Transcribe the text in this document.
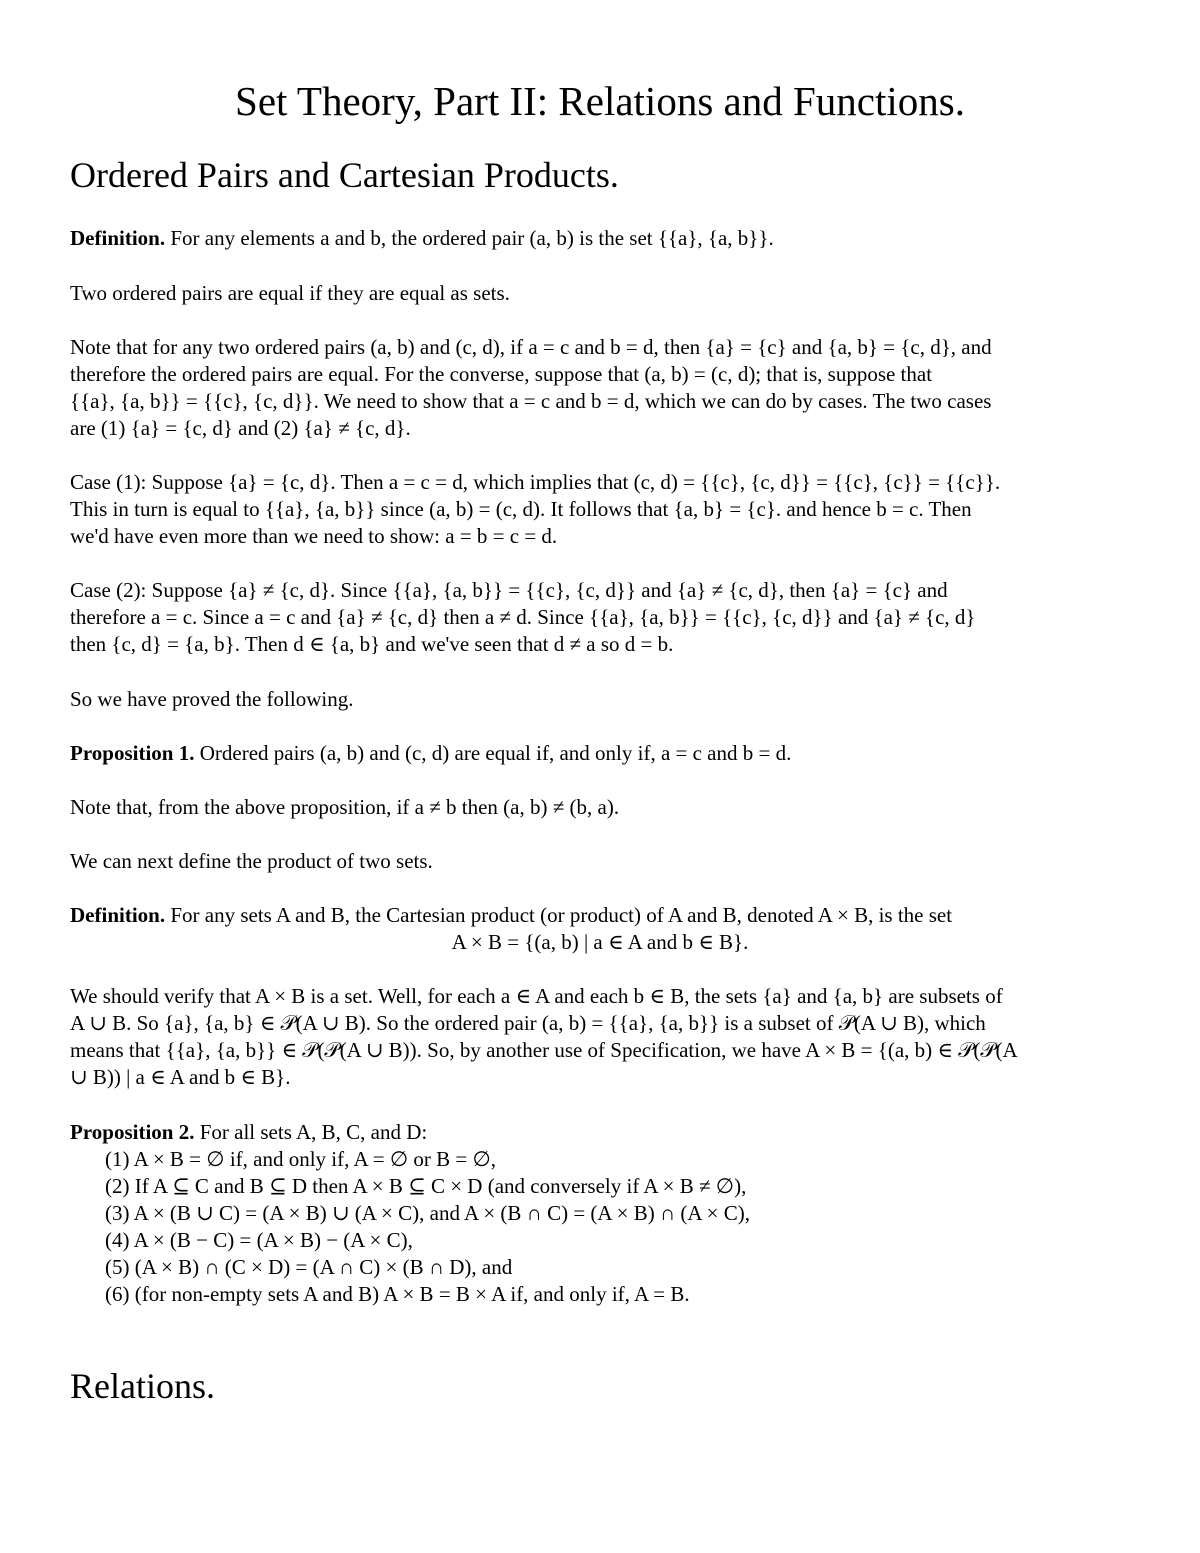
Set Theory, Part II: Relations and Functions.
Ordered Pairs and Cartesian Products.

Definition. For any elements a and b, the ordered pair (a, b) is the set {{a}, {a, b}}.

Two ordered pairs are equal if they are equal as sets.

Note that for any two ordered pairs (a, b) and (c, d), if a = c and b = d, then {a} = {c} and {a, b} = {c, d}, and
therefore the ordered pairs are equal. For the converse, suppose that (a, b) = (c, d); that is, suppose that
{{a}, {a, b}} = {{c}, {c, d}}. We need to show that a = c and b = d, which we can do by cases. The two cases
are (1) {a} = {c, d} and (2) {a} ≠ {c, d}.

Case (1): Suppose {a} = {c, d}. Then a = c = d, which implies that (c, d) = {{c}, {c, d}} = {{c}, {c}} = {{c}}.
This in turn is equal to {{a}, {a, b}} since (a, b) = (c, d). It follows that {a, b} = {c}. and hence b = c. Then
we'd have even more than we need to show: a = b = c = d.

Case (2): Suppose {a} ≠ {c, d}. Since {{a}, {a, b}} = {{c}, {c, d}} and {a} ≠ {c, d}, then {a} = {c} and
therefore a = c. Since a = c and {a} ≠ {c, d} then a ≠ d. Since {{a}, {a, b}} = {{c}, {c, d}} and {a} ≠ {c, d}
then {c, d} = {a, b}. Then d ∈ {a, b} and we've seen that d ≠ a so d = b.

So we have proved the following.

Proposition 1. Ordered pairs (a, b) and (c, d) are equal if, and only if, a = c and b = d.

Note that, from the above proposition, if a ≠ b then (a, b) ≠ (b, a).

We can next define the product of two sets.

Definition. For any sets A and B, the Cartesian product (or product) of A and B, denoted A × B, is the set
A × B = {(a, b) | a ∈ A and b ∈ B}.

We should verify that A × B is a set. Well, for each a ∈ A and each b ∈ B, the sets {a} and {a, b} are subsets of
A ∪ B. So {a}, {a, b} ∈ 𝒫(A ∪ B). So the ordered pair (a, b) = {{a}, {a, b}} is a subset of 𝒫(A ∪ B), which
means that {{a}, {a, b}} ∈ 𝒫(𝒫(A ∪ B)). So, by another use of Specification, we have A × B = {(a, b) ∈ 𝒫(𝒫(A
∪ B)) | a ∈ A and b ∈ B}.

Proposition 2. For all sets A, B, C, and D:
(1) A × B = ∅ if, and only if, A = ∅ or B = ∅,
(2) If A ⊆ C and B ⊆ D then A × B ⊆ C × D (and conversely if A × B ≠ ∅),
(3) A × (B ∪ C) = (A × B) ∪ (A × C), and A × (B ∩ C) = (A × B) ∩ (A × C),
(4) A × (B − C) = (A × B) − (A × C),
(5) (A × B) ∩ (C × D) = (A ∩ C) × (B ∩ D), and
(6) (for non-empty sets A and B) A × B = B × A if, and only if, A = B.

Relations.
